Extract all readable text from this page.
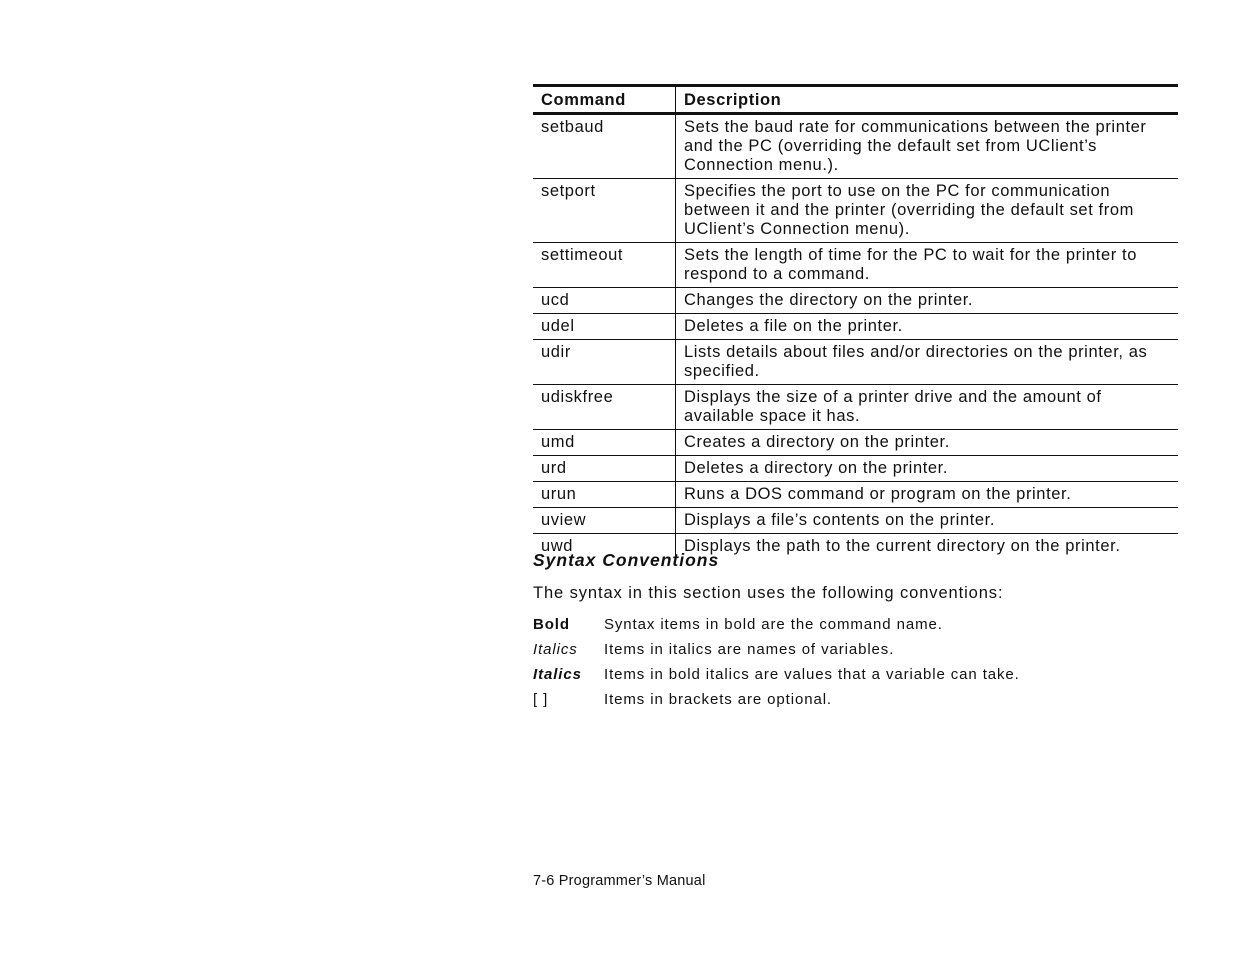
Command	Description
setbaud	Sets the baud rate for communications between the printer and the PC (overriding the default set from UClient’s Connection menu.).
setport	Specifies the port to use on the PC for communication between it and the printer (overriding the default set from UClient’s Connection menu).
settimeout	Sets the length of time for the PC to wait for the printer to respond to a command.
ucd	Changes the directory on the printer.
udel	Deletes a file on the printer.
udir	Lists details about files and/or directories on the printer, as specified.
udiskfree	Displays the size of a printer drive and the amount of available space it has.
umd	Creates a directory on the printer.
urd	Deletes a directory on the printer.
urun	Runs a DOS command or program on the printer.
uview	Displays a file’s contents on the printer.
uwd	Displays the path to the current directory on the printer.
Syntax Conventions

The syntax in this section uses the following conventions:

Bold	Syntax items in bold are the command name.
Italics	Items in italics are names of variables.
Italics	Items in bold italics are values that a variable can take.
[ ]	Items in brackets are optional.
7-6 Programmer’s Manual
